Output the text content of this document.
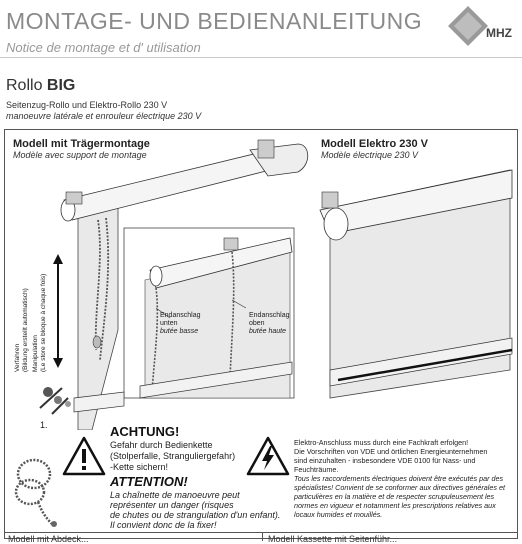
MONTAGE- UND BEDIENANLEITUNG
Notice de montage et d' utilisation
MHZ
Rollo BIG
Seitenzug-Rollo und Elektro-Rollo 230 V
manoeuvre latérale et enrouleur électrique 230 V
Modell mit Trägermontage
Modèle avec support de montage
Modell Elektro 230 V
Modèle électrique 230 V
Endanschlag
unten
butée basse
Endanschlag
oben
butée haute
Verfahren (Bildung erstellt automatisch) Manipulation (Le store se bloque à chaque fois)
1.	ACHTUNG!
Gefahr durch Bedienkette
(Stolperfalle, Stranguliergefahr)
-Kette sichern!
ATTENTION!
La chaînette de manoeuvre peut
représenter un danger (risques
de chutes ou de strangulation d'un enfant).
Il convient donc de la fixer!
Elektro-Anschluss muss durch eine Fachkraft erfolgen!
Die Vorschriften von VDE und örtlichen Energieunternehmen
sind einzuhalten - insbesondere VDE 0100 für Nass- und
Feuchträume.
Tous les raccordements électriques doivent être exécutés par des
spécialistes! Convient de se conformer aux directives générales et
particulières en la matière et de respecter scrupuleusement les
normes en vigueur et notamment les prescriptions relatives aux
locaux humides et mouillés.
Modell mit Abdeck...	Modell Kassette mit Seitenführ...
